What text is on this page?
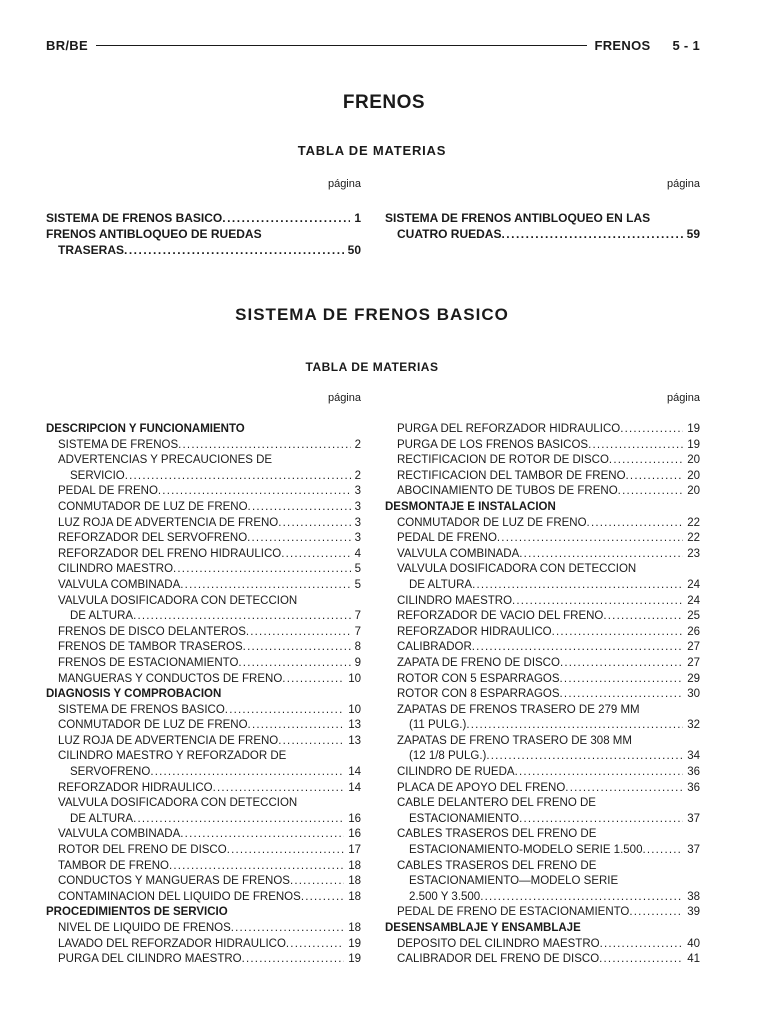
BR/BE	FRENOS 5 - 1
FRENOS
TABLA DE MATERIAS
página	página
SISTEMA DE FRENOS BASICO .....	1
FRENOS ANTIBLOQUEO DE RUEDAS
TRASERAS .....	50
SISTEMA DE FRENOS ANTIBLOQUEO EN LAS
CUATRO RUEDAS .....	59
SISTEMA DE FRENOS BASICO
TABLA DE MATERIAS
página	página
DESCRIPCION Y FUNCIONAMIENTO
SISTEMA DE FRENOS .....	2
ADVERTENCIAS Y PRECAUCIONES DE
SERVICIO .....	2
PEDAL DE FRENO .....	3
CONMUTADOR DE LUZ DE FRENO .....	3
LUZ ROJA DE ADVERTENCIA DE FRENO .....	3
REFORZADOR DEL SERVOFRENO .....	3
REFORZADOR DEL FRENO HIDRAULICO .....	4
CILINDRO MAESTRO .....	5
VALVULA COMBINADA .....	5
VALVULA DOSIFICADORA CON DETECCION
DE ALTURA .....	7
FRENOS DE DISCO DELANTEROS .....	7
FRENOS DE TAMBOR TRASEROS .....	8
FRENOS DE ESTACIONAMIENTO .....	9
MANGUERAS Y CONDUCTOS DE FRENO .....	10
DIAGNOSIS Y COMPROBACION
SISTEMA DE FRENOS BASICO .....	10
CONMUTADOR DE LUZ DE FRENO .....	13
LUZ ROJA DE ADVERTENCIA DE FRENO .....	13
CILINDRO MAESTRO Y REFORZADOR DE
SERVOFRENO .....	14
REFORZADOR HIDRAULICO .....	14
VALVULA DOSIFICADORA CON DETECCION
DE ALTURA .....	16
VALVULA COMBINADA .....	16
ROTOR DEL FRENO DE DISCO .....	17
TAMBOR DE FRENO .....	18
CONDUCTOS Y MANGUERAS DE FRENOS .....	18
CONTAMINACION DEL LIQUIDO DE FRENOS .....	18
PROCEDIMIENTOS DE SERVICIO
NIVEL DE LIQUIDO DE FRENOS .....	18
LAVADO DEL REFORZADOR HIDRAULICO .....	19
PURGA DEL CILINDRO MAESTRO .....	19
PURGA DEL REFORZADOR HIDRAULICO .....	19
PURGA DE LOS FRENOS BASICOS .....	19
RECTIFICACION DE ROTOR DE DISCO .....	20
RECTIFICACION DEL TAMBOR DE FRENO .....	20
ABOCINAMIENTO DE TUBOS DE FRENO .....	20
DESMONTAJE E INSTALACION
CONMUTADOR DE LUZ DE FRENO .....	22
PEDAL DE FRENO .....	22
VALVULA COMBINADA .....	23
VALVULA DOSIFICADORA CON DETECCION
DE ALTURA .....	24
CILINDRO MAESTRO .....	24
REFORZADOR DE VACIO DEL FRENO .....	25
REFORZADOR HIDRAULICO .....	26
CALIBRADOR .....	27
ZAPATA DE FRENO DE DISCO .....	27
ROTOR CON 5 ESPARRAGOS .....	29
ROTOR CON 8 ESPARRAGOS .....	30
ZAPATAS DE FRENOS TRASERO DE 279 MM
(11 PULG.) .....	32
ZAPATAS DE FRENO TRASERO DE 308 MM
(12 1/8 PULG.) .....	34
CILINDRO DE RUEDA .....	36
PLACA DE APOYO DEL FRENO .....	36
CABLE DELANTERO DEL FRENO DE
ESTACIONAMIENTO .....	37
CABLES TRASEROS DEL FRENO DE
ESTACIONAMIENTO-MODELO SERIE 1.500 .....	37
CABLES TRASEROS DEL FRENO DE
ESTACIONAMIENTO—MODELO SERIE
2.500 Y 3.500 .....	38
PEDAL DE FRENO DE ESTACIONAMIENTO .....	39
DESENSAMBLAJE Y ENSAMBLAJE
DEPOSITO DEL CILINDRO MAESTRO .....	40
CALIBRADOR DEL FRENO DE DISCO .....	41
